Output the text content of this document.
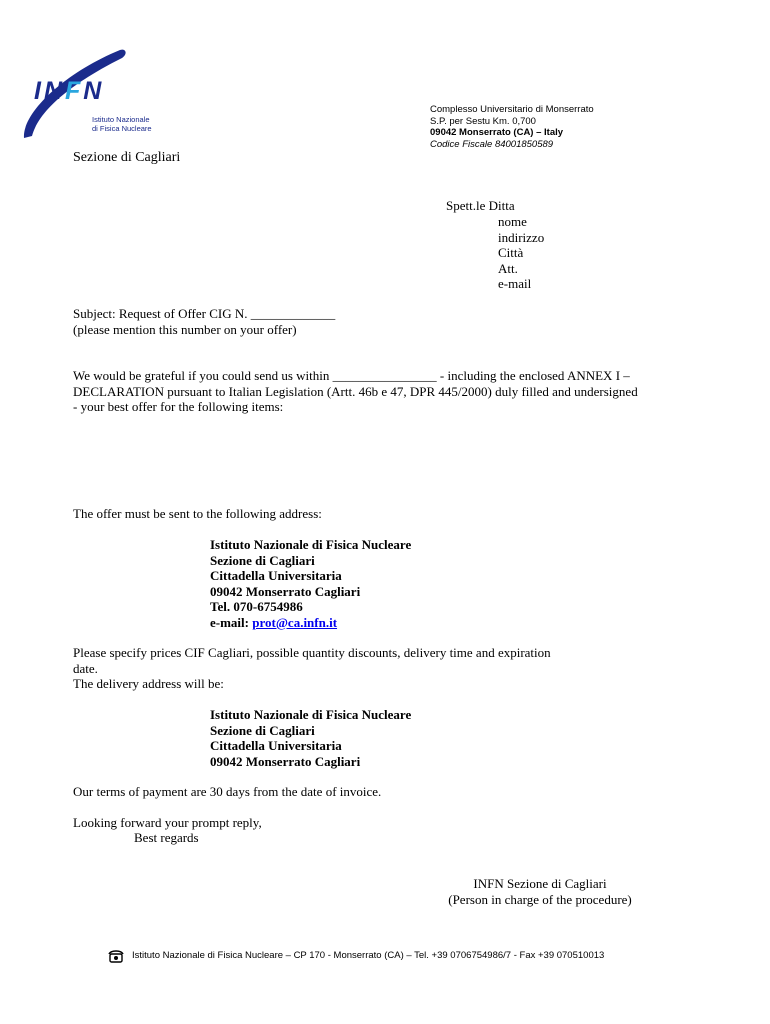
INFN
Istituto Nazionale
di Fisica Nucleare
Sezione di Cagliari
Complesso Universitario di Monserrato
S.P. per Sestu Km. 0,700
09042 Monserrato (CA) – Italy
Codice Fiscale 84001850589
Spett.le Ditta
nome
indirizzo
Città
Att.
e-mail
Subject: Request of Offer CIG N. _____________
(please mention this number on your offer)
We would be grateful if you could send us within ________________ - including the enclosed ANNEX I –
DECLARATION pursuant to Italian Legislation (Artt. 46b e 47, DPR 445/2000) duly filled and undersigned
- your best offer for the following items:
The offer must be sent to the following address:
Istituto Nazionale di Fisica Nucleare
Sezione di Cagliari
Cittadella Universitaria
09042 Monserrato Cagliari
Tel. 070-6754986
e-mail: prot@ca.infn.it
Please specify prices CIF Cagliari, possible quantity discounts, delivery time and expiration
date.
The delivery address will be:
Istituto Nazionale di Fisica Nucleare
Sezione di Cagliari
Cittadella Universitaria
09042 Monserrato Cagliari
Our terms of payment are 30 days from the date of invoice.
Looking forward your prompt reply,
Best regards
INFN Sezione di Cagliari
(Person in charge of the procedure)
Istituto Nazionale di Fisica Nucleare – CP 170 - Monserrato (CA) – Tel. +39 0706754986/7 - Fax +39 070510013
